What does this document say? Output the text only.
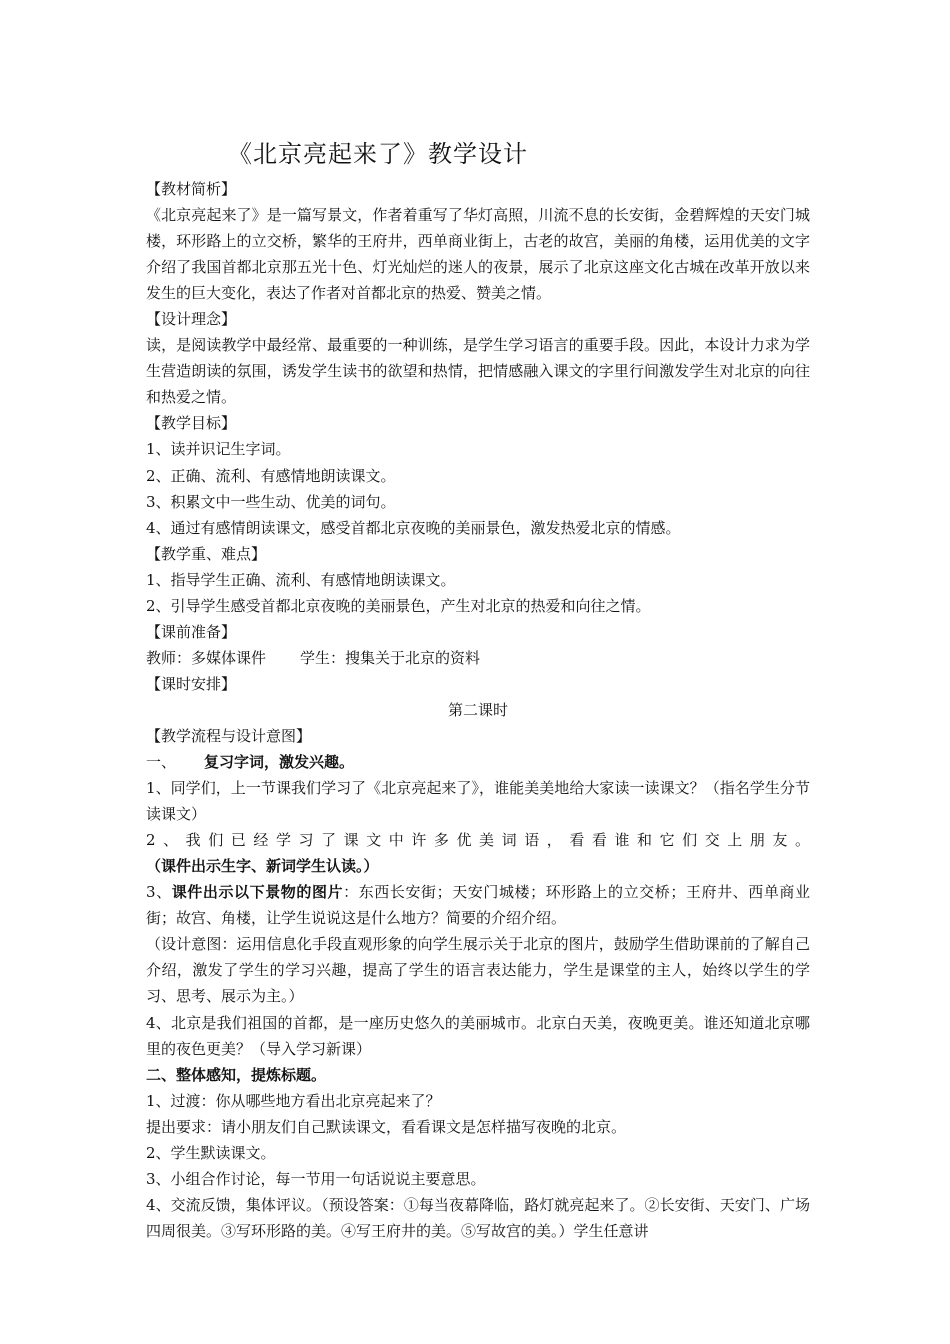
《北京亮起来了》教学设计

【教材简析】

《北京亮起来了》是一篇写景文，作者着重写了华灯高照，川流不息的长安街，金碧辉煌的天安门城楼，环形路上的立交桥，繁华的王府井，西单商业街上，古老的故宫，美丽的角楼，运用优美的文字介绍了我国首都北京那五光十色、灯光灿烂的迷人的夜景，展示了北京这座文化古城在改革开放以来发生的巨大变化，表达了作者对首都北京的热爱、赞美之情。

【设计理念】

读，是阅读教学中最经常、最重要的一种训练，是学生学习语言的重要手段。因此，本设计力求为学生营造朗读的氛围，诱发学生读书的欲望和热情，把情感融入课文的字里行间激发学生对北京的向往和热爱之情。

【教学目标】

1、读并识记生字词。

2、正确、流利、有感情地朗读课文。

3、积累文中一些生动、优美的词句。

4、通过有感情朗读课文，感受首都北京夜晚的美丽景色，激发热爱北京的情感。

【教学重、难点】

1、指导学生正确、流利、有感情地朗读课文。

2、引导学生感受首都北京夜晚的美丽景色，产生对北京的热爱和向往之情。

【课前准备】

教师：多媒体课件 学生：搜集关于北京的资料

【课时安排】

第二课时

【教学流程与设计意图】

一、 复习字词，激发兴趣。

1、同学们，上一节课我们学习了《北京亮起来了》，谁能美美地给大家读一读课文？（指名学生分节读课文）

2、我们已经学习了课文中许多优美词语，看看谁和它们交上朋友。（课件出示生字、新词学生认读。）

3、课件出示以下景物的图片：东西长安街；天安门城楼；环形路上的立交桥；王府井、西单商业街；故宫、角楼，让学生说说这是什么地方？简要的介绍介绍。

（设计意图：运用信息化手段直观形象的向学生展示关于北京的图片，鼓励学生借助课前的了解自己介绍，激发了学生的学习兴趣，提高了学生的语言表达能力，学生是课堂的主人，始终以学生的学习、思考、展示为主。）

4、北京是我们祖国的首都，是一座历史悠久的美丽城市。北京白天美，夜晚更美。谁还知道北京哪里的夜色更美？（导入学习新课）

二、整体感知，提炼标题。

1、过渡：你从哪些地方看出北京亮起来了？

提出要求：请小朋友们自己默读课文，看看课文是怎样描写夜晚的北京。

2、学生默读课文。

3、小组合作讨论，每一节用一句话说说主要意思。

4、交流反馈，集体评议。（预设答案：①每当夜幕降临，路灯就亮起来了。②长安街、天安门、广场四周很美。③写环形路的美。④写王府井的美。⑤写故宫的美。）学生任意讲
